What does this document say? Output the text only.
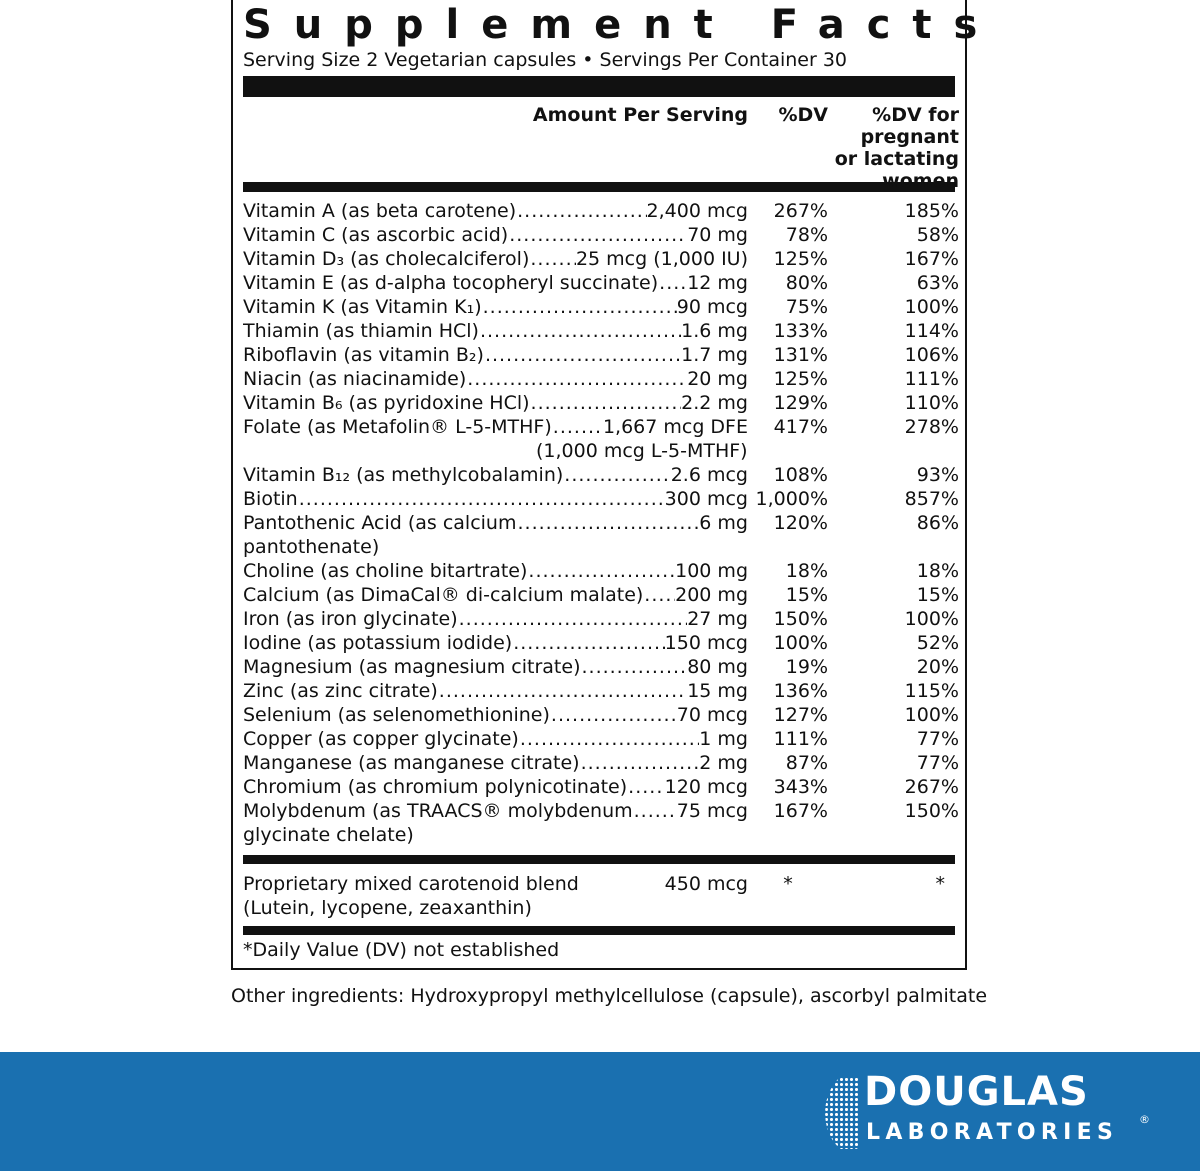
Supplement Facts
Serving Size 2 Vegetarian capsules • Servings Per Container 30
Amount Per Serving	%DV	%DV for
pregnant
or lactating
women
Vitamin A (as beta carotene) .....	2,400 mcg	267%	185%
Vitamin C (as ascorbic acid) .....	70 mg	78%	58%
Vitamin D₃ (as cholecalciferol) ..... 25 mcg (1,000 IU)	125%	167%
Vitamin E (as d-alpha tocopheryl succinate) ..... 12 mg	80%	63%
Vitamin K (as Vitamin K₁) .....	90 mcg	75%	100%
Thiamin (as thiamin HCl) .....	1.6 mg	133%	114%
Riboflavin (as vitamin B₂) .....	1.7 mg	131%	106%
Niacin (as niacinamide) .....	20 mg	125%	111%
Vitamin B₆ (as pyridoxine HCl) .....	2.2 mg	129%	110%
Folate (as Metafolin® L-5-MTHF) .....	1,667 mcg DFE	417%	278%
(1,000 mcg L-5-MTHF)
Vitamin B₁₂ (as methylcobalamin) .....	2.6 mcg	108%	93%
Biotin .....	300 mcg 1,000%	857%
Pantothenic Acid (as calcium .....	6 mg	120%	86%
pantothenate)
Choline (as choline bitartrate) .....	100 mg	18%	18%
Calcium (as DimaCal® di-calcium malate) ..... 200 mg	15%	15%
Iron (as iron glycinate) .....	27 mg	150%	100%
Iodine (as potassium iodide) .....	150 mcg	100%	52%
Magnesium (as magnesium citrate) .....	80 mg	19%	20%
Zinc (as zinc citrate) .....	15 mg	136%	115%
Selenium (as selenomethionine) .....	70 mcg	127%	100%
Copper (as copper glycinate) .....	1 mg	111%	77%
Manganese (as manganese citrate) .....	2 mg	87%	77%
Chromium (as chromium polynicotinate) ..... 120 mcg	343%	267%
Molybdenum (as TRAACS® molybdenum ..... 75 mcg	167%	150%
glycinate chelate)
Proprietary mixed carotenoid blend
(Lutein, lycopene, zeaxanthin)
450 mcg	*	*
*Daily Value (DV) not established
Other ingredients: Hydroxypropyl methylcellulose (capsule), ascorbyl palmitate
DOUGLAS
LABORATORIES
®
